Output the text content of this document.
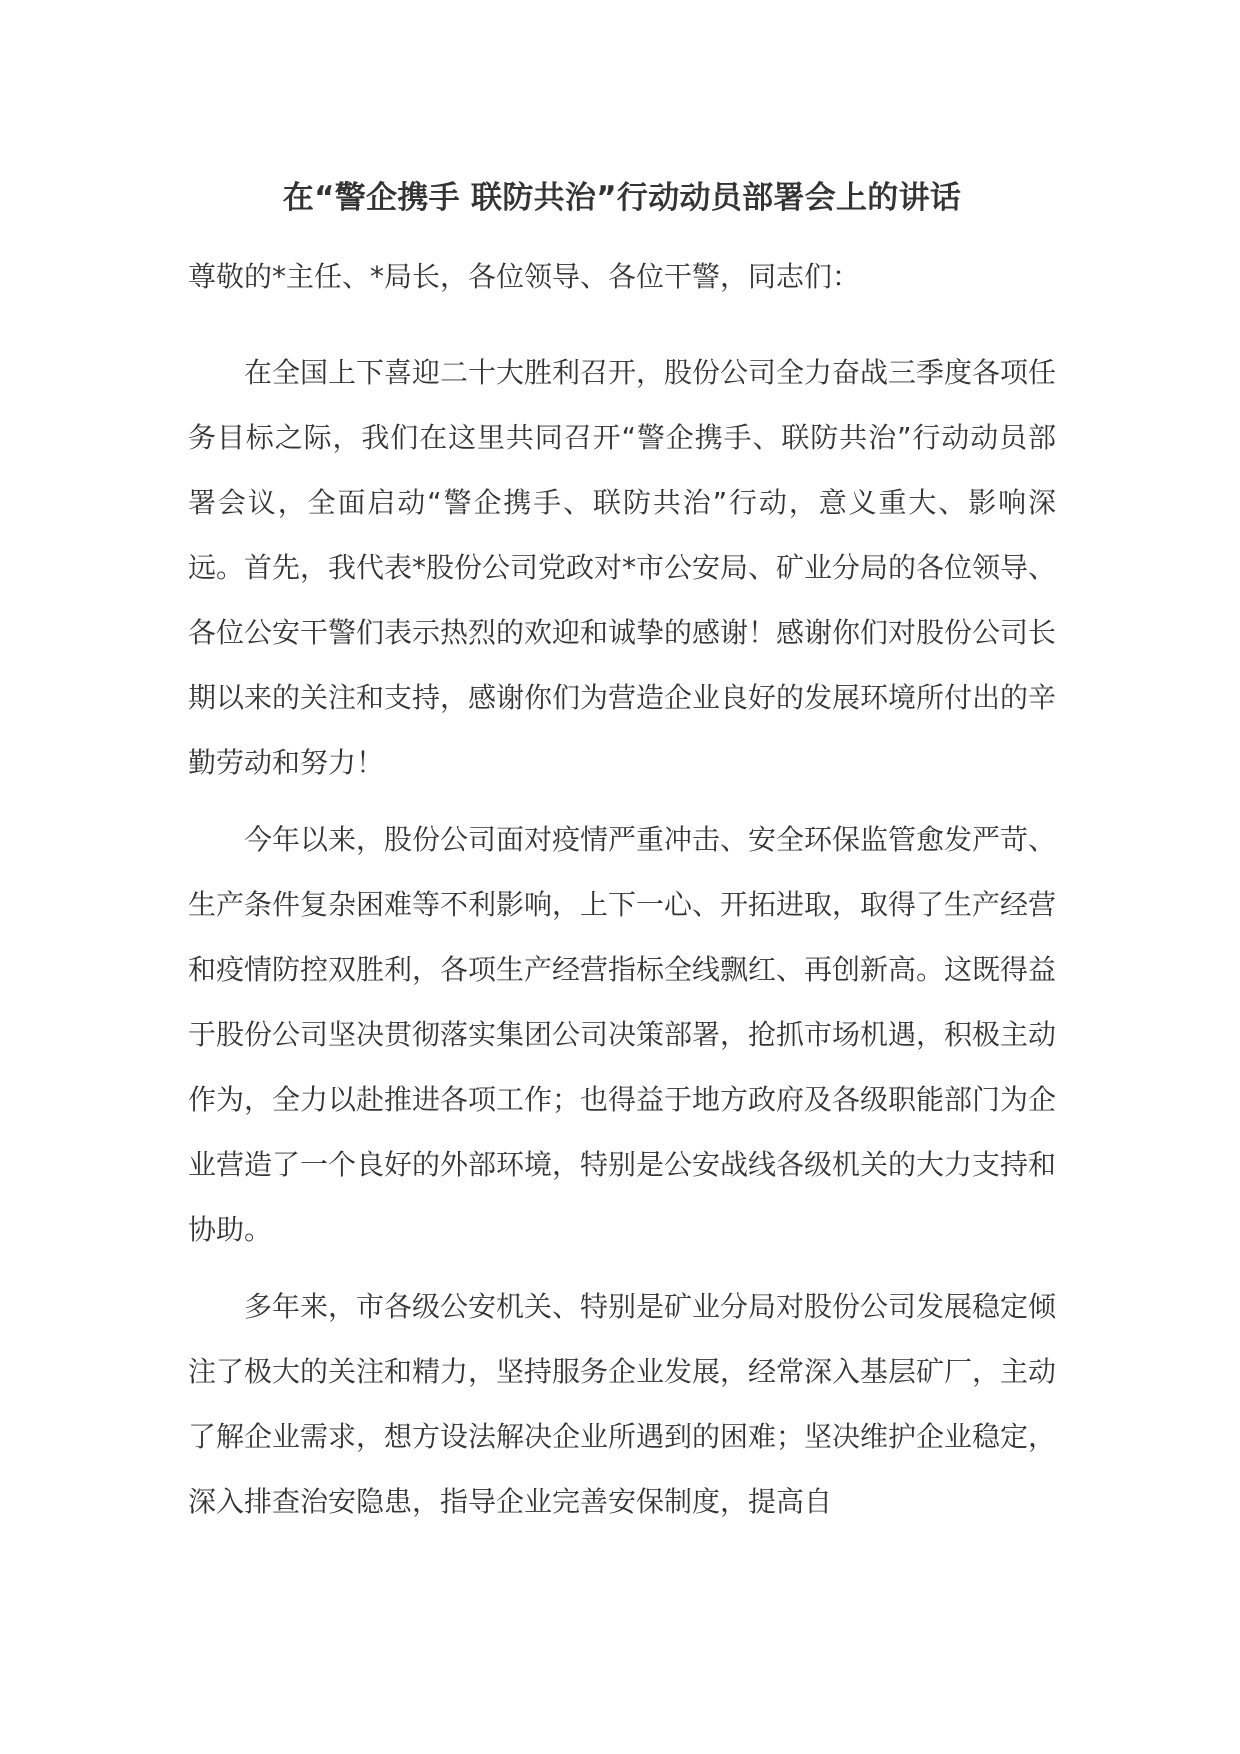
在“警企携手 联防共治”行动动员部署会上的讲话
尊敬的*主任、*局长，各位领导、各位干警，同志们：
在全国上下喜迎二十大胜利召开，股份公司全力奋战三季度各项任务目标之际，我们在这里共同召开“警企携手、联防共治”行动动员部署会议，全面启动“警企携手、联防共治”行动，意义重大、影响深远。首先，我代表*股份公司党政对*市公安局、矿业分局的各位领导、各位公安干警们表示热烈的欢迎和诚挚的感谢！感谢你们对股份公司长期以来的关注和支持，感谢你们为营造企业良好的发展环境所付出的辛勤劳动和努力！
今年以来，股份公司面对疫情严重冲击、安全环保监管愈发严苛、生产条件复杂困难等不利影响，上下一心、开拓进取，取得了生产经营和疫情防控双胜利，各项生产经营指标全线飘红、再创新高。这既得益于股份公司坚决贯彻落实集团公司决策部署，抢抓市场机遇，积极主动作为，全力以赴推进各项工作；也得益于地方政府及各级职能部门为企业营造了一个良好的外部环境，特别是公安战线各级机关的大力支持和协助。
多年来，市各级公安机关、特别是矿业分局对股份公司发展稳定倾注了极大的关注和精力，坚持服务企业发展，经常深入基层矿厂，主动了解企业需求，想方设法解决企业所遇到的困难；坚决维护企业稳定，深入排查治安隐患，指导企业完善安保制度，提高自
